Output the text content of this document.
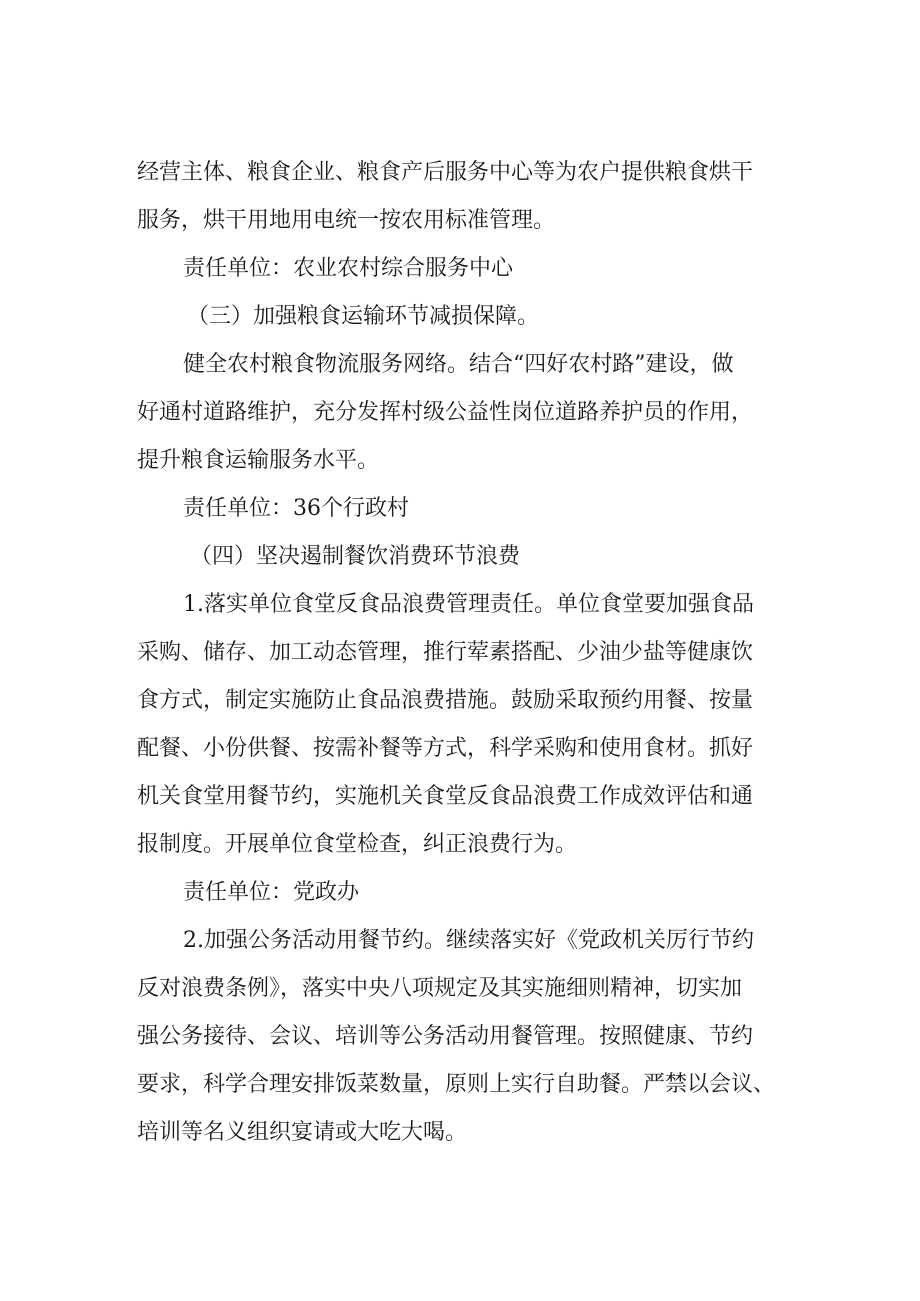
经营主体、粮食企业、粮食产后服务中心等为农户提供粮食烘干
服务，烘干用地用电统一按农用标准管理。
责任单位：农业农村综合服务中心
（三）加强粮食运输环节减损保障。
健全农村粮食物流服务网络。结合“四好农村路”建设，做
好通村道路维护，充分发挥村级公益性岗位道路养护员的作用，
提升粮食运输服务水平。
责任单位：36个行政村
（四）坚决遏制餐饮消费环节浪费
1.落实单位食堂反食品浪费管理责任。单位食堂要加强食品
采购、储存、加工动态管理，推行荤素搭配、少油少盐等健康饮
食方式，制定实施防止食品浪费措施。鼓励采取预约用餐、按量
配餐、小份供餐、按需补餐等方式，科学采购和使用食材。抓好
机关食堂用餐节约，实施机关食堂反食品浪费工作成效评估和通
报制度。开展单位食堂检查，纠正浪费行为。
责任单位：党政办
2.加强公务活动用餐节约。继续落实好《党政机关厉行节约
反对浪费条例》，落实中央八项规定及其实施细则精神，切实加
强公务接待、会议、培训等公务活动用餐管理。按照健康、节约
要求，科学合理安排饭菜数量，原则上实行自助餐。严禁以会议、
培训等名义组织宴请或大吃大喝。
